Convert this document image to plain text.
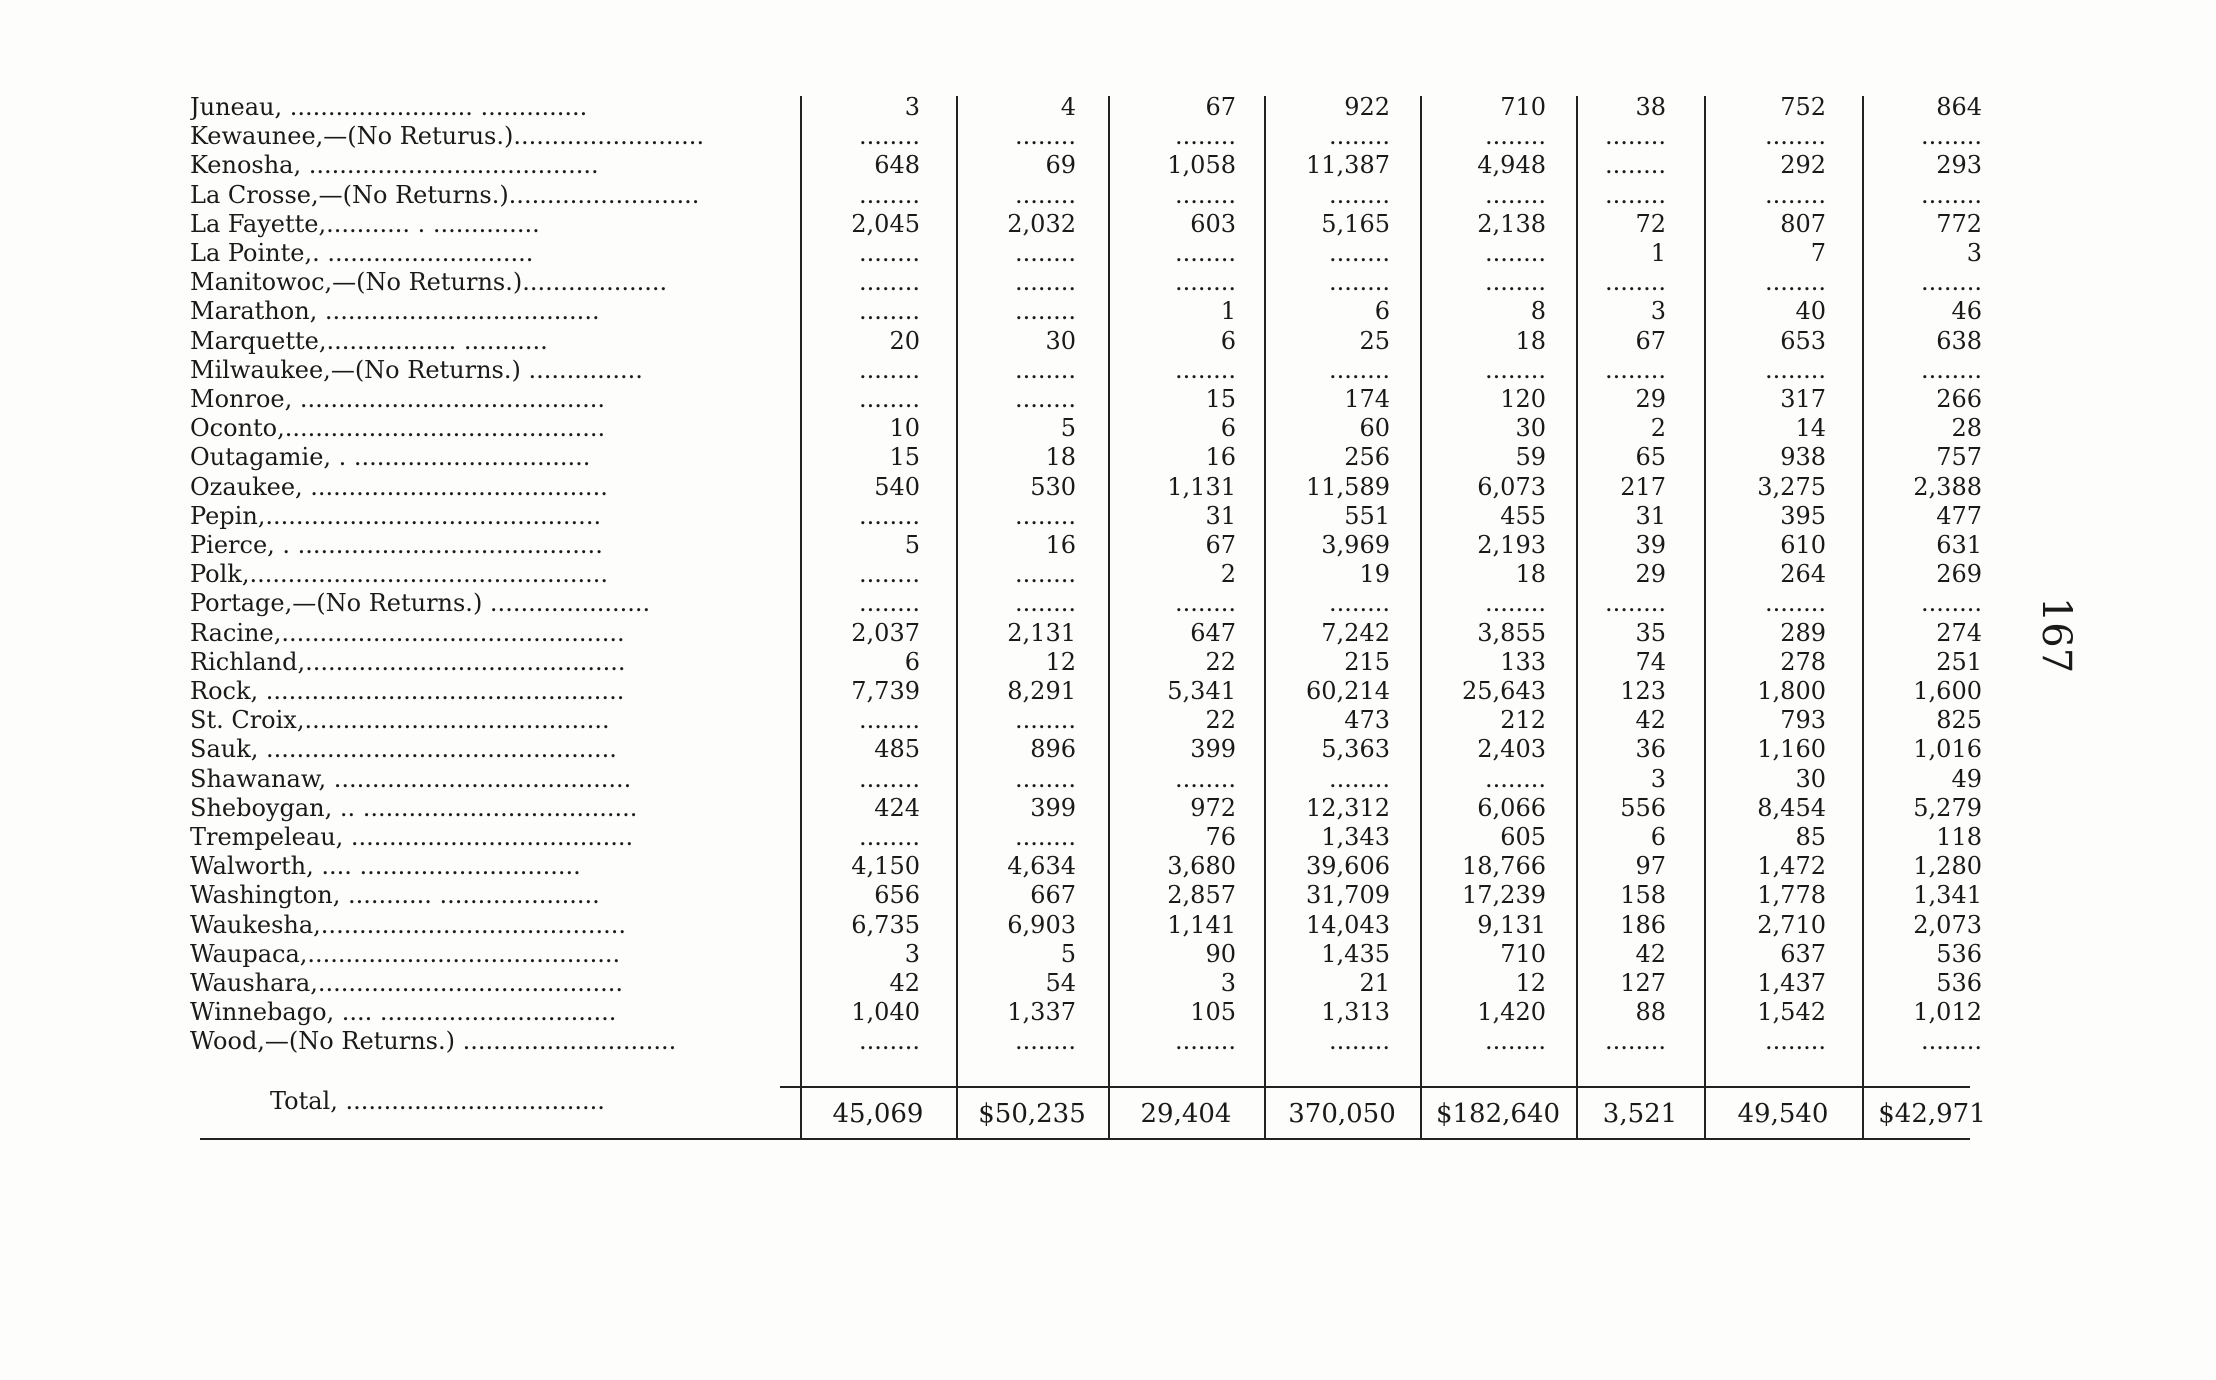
Juneau, ........................ ..............	3	4	67	922	710	38	752	864
Kewaunee,—(No Returus.).........................	........	........	........	........	........	........	........	........
Kenosha, ......................................	648	69	1,058	11,387	4,948	........	292	293
La Crosse,—(No Returns.).........................	........	........	........	........	........	........	........	........
La Fayette,........... . ..............	2,045	2,032	603	5,165	2,138	72	807	772
La Pointe,. ...........................	........	........	........	........	........	1	7	3
Manitowoc,—(No Returns.)...................	........	........	........	........	........	........	........	........
Marathon, ....................................	........	........	1	6	8	3	40	46
Marquette,................. ...........	20	30	6	25	18	67	653	638
Milwaukee,—(No Returns.) ...............	........	........	........	........	........	........	........	........
Monroe, ........................................	........	........	15	174	120	29	317	266
Oconto,..........................................	10	5	6	60	30	2	14	28
Outagamie, . ...............................	15	18	16	256	59	65	938	757
Ozaukee, .......................................	540	530	1,131	11,589	6,073	217	3,275	2,388
Pepin,............................................	........	........	31	551	455	31	395	477
Pierce, . ........................................	5	16	67	3,969	2,193	39	610	631
Polk,...............................................	........	........	2	19	18	29	264	269
Portage,—(No Returns.) .....................	........	........	........	........	........	........	........	........
Racine,.............................................	2,037	2,131	647	7,242	3,855	35	289	274
Richland,..........................................	6	12	22	215	133	74	278	251
Rock, ...............................................	7,739	8,291	5,341	60,214	25,643	123	1,800	1,600
St. Croix,........................................	........	........	22	473	212	42	793	825
Sauk, ..............................................	485	896	399	5,363	2,403	36	1,160	1,016
Shawanaw, .......................................	........	........	........	........	........	3	30	49
Sheboygan, .. ....................................	424	399	972	12,312	6,066	556	8,454	5,279
Trempeleau, .....................................	........	........	76	1,343	605	6	85	118
Walworth, .... .............................	4,150	4,634	3,680	39,606	18,766	97	1,472	1,280
Washington, ........... .....................	656	667	2,857	31,709	17,239	158	1,778	1,341
Waukesha,........................................	6,735	6,903	1,141	14,043	9,131	186	2,710	2,073
Waupaca,.........................................	3	5	90	1,435	710	42	637	536
Waushara,........................................	42	54	3	21	12	127	1,437	536
Winnebago, .... ...............................	1,040	1,337	105	1,313	1,420	88	1,542	1,012
Wood,—(No Returns.) ............................	........	........	........	........	........	........	........	........
Total, ..................................	45,069	$50,235	29,404	370,050	$182,640	3,521	49,540	$42,971
167
